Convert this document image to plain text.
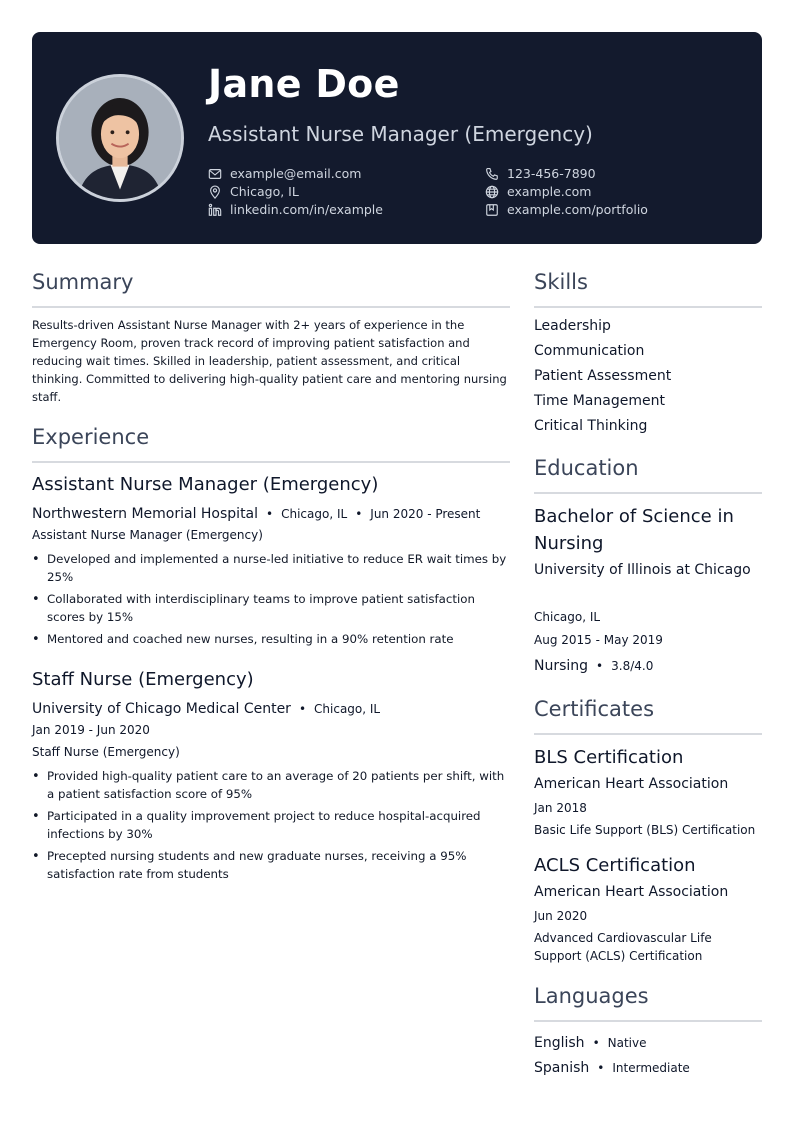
Jane Doe
Assistant Nurse Manager (Emergency)
example@email.com
Chicago, IL
linkedin.com/in/example
123-456-7890
example.com
example.com/portfolio
Summary
Results-driven Assistant Nurse Manager with 2+ years of experience in the Emergency Room, proven track record of improving patient satisfaction and reducing wait times. Skilled in leadership, patient assessment, and critical thinking. Committed to delivering high-quality patient care and mentoring nursing staff.
Experience
Assistant Nurse Manager (Emergency)
Northwestern Memorial Hospital • Chicago, IL • Jun 2020 - Present
Assistant Nurse Manager (Emergency)
• Developed and implemented a nurse-led initiative to reduce ER wait times by 25%
• Collaborated with interdisciplinary teams to improve patient satisfaction scores by 15%
• Mentored and coached new nurses, resulting in a 90% retention rate
Staff Nurse (Emergency)
University of Chicago Medical Center • Chicago, IL
Jan 2019 - Jun 2020
Staff Nurse (Emergency)
• Provided high-quality patient care to an average of 20 patients per shift, with a patient satisfaction score of 95%
• Participated in a quality improvement project to reduce hospital-acquired infections by 30%
• Precepted nursing students and new graduate nurses, receiving a 95% satisfaction rate from students
Skills
Leadership
Communication
Patient Assessment
Time Management
Critical Thinking
Education
Bachelor of Science in Nursing
University of Illinois at Chicago
Chicago, IL
Aug 2015 - May 2019
Nursing • 3.8/4.0
Certificates
BLS Certification
American Heart Association
Jan 2018
Basic Life Support (BLS) Certification
ACLS Certification
American Heart Association
Jun 2020
Advanced Cardiovascular Life Support (ACLS) Certification
Languages
English • Native
Spanish • Intermediate
